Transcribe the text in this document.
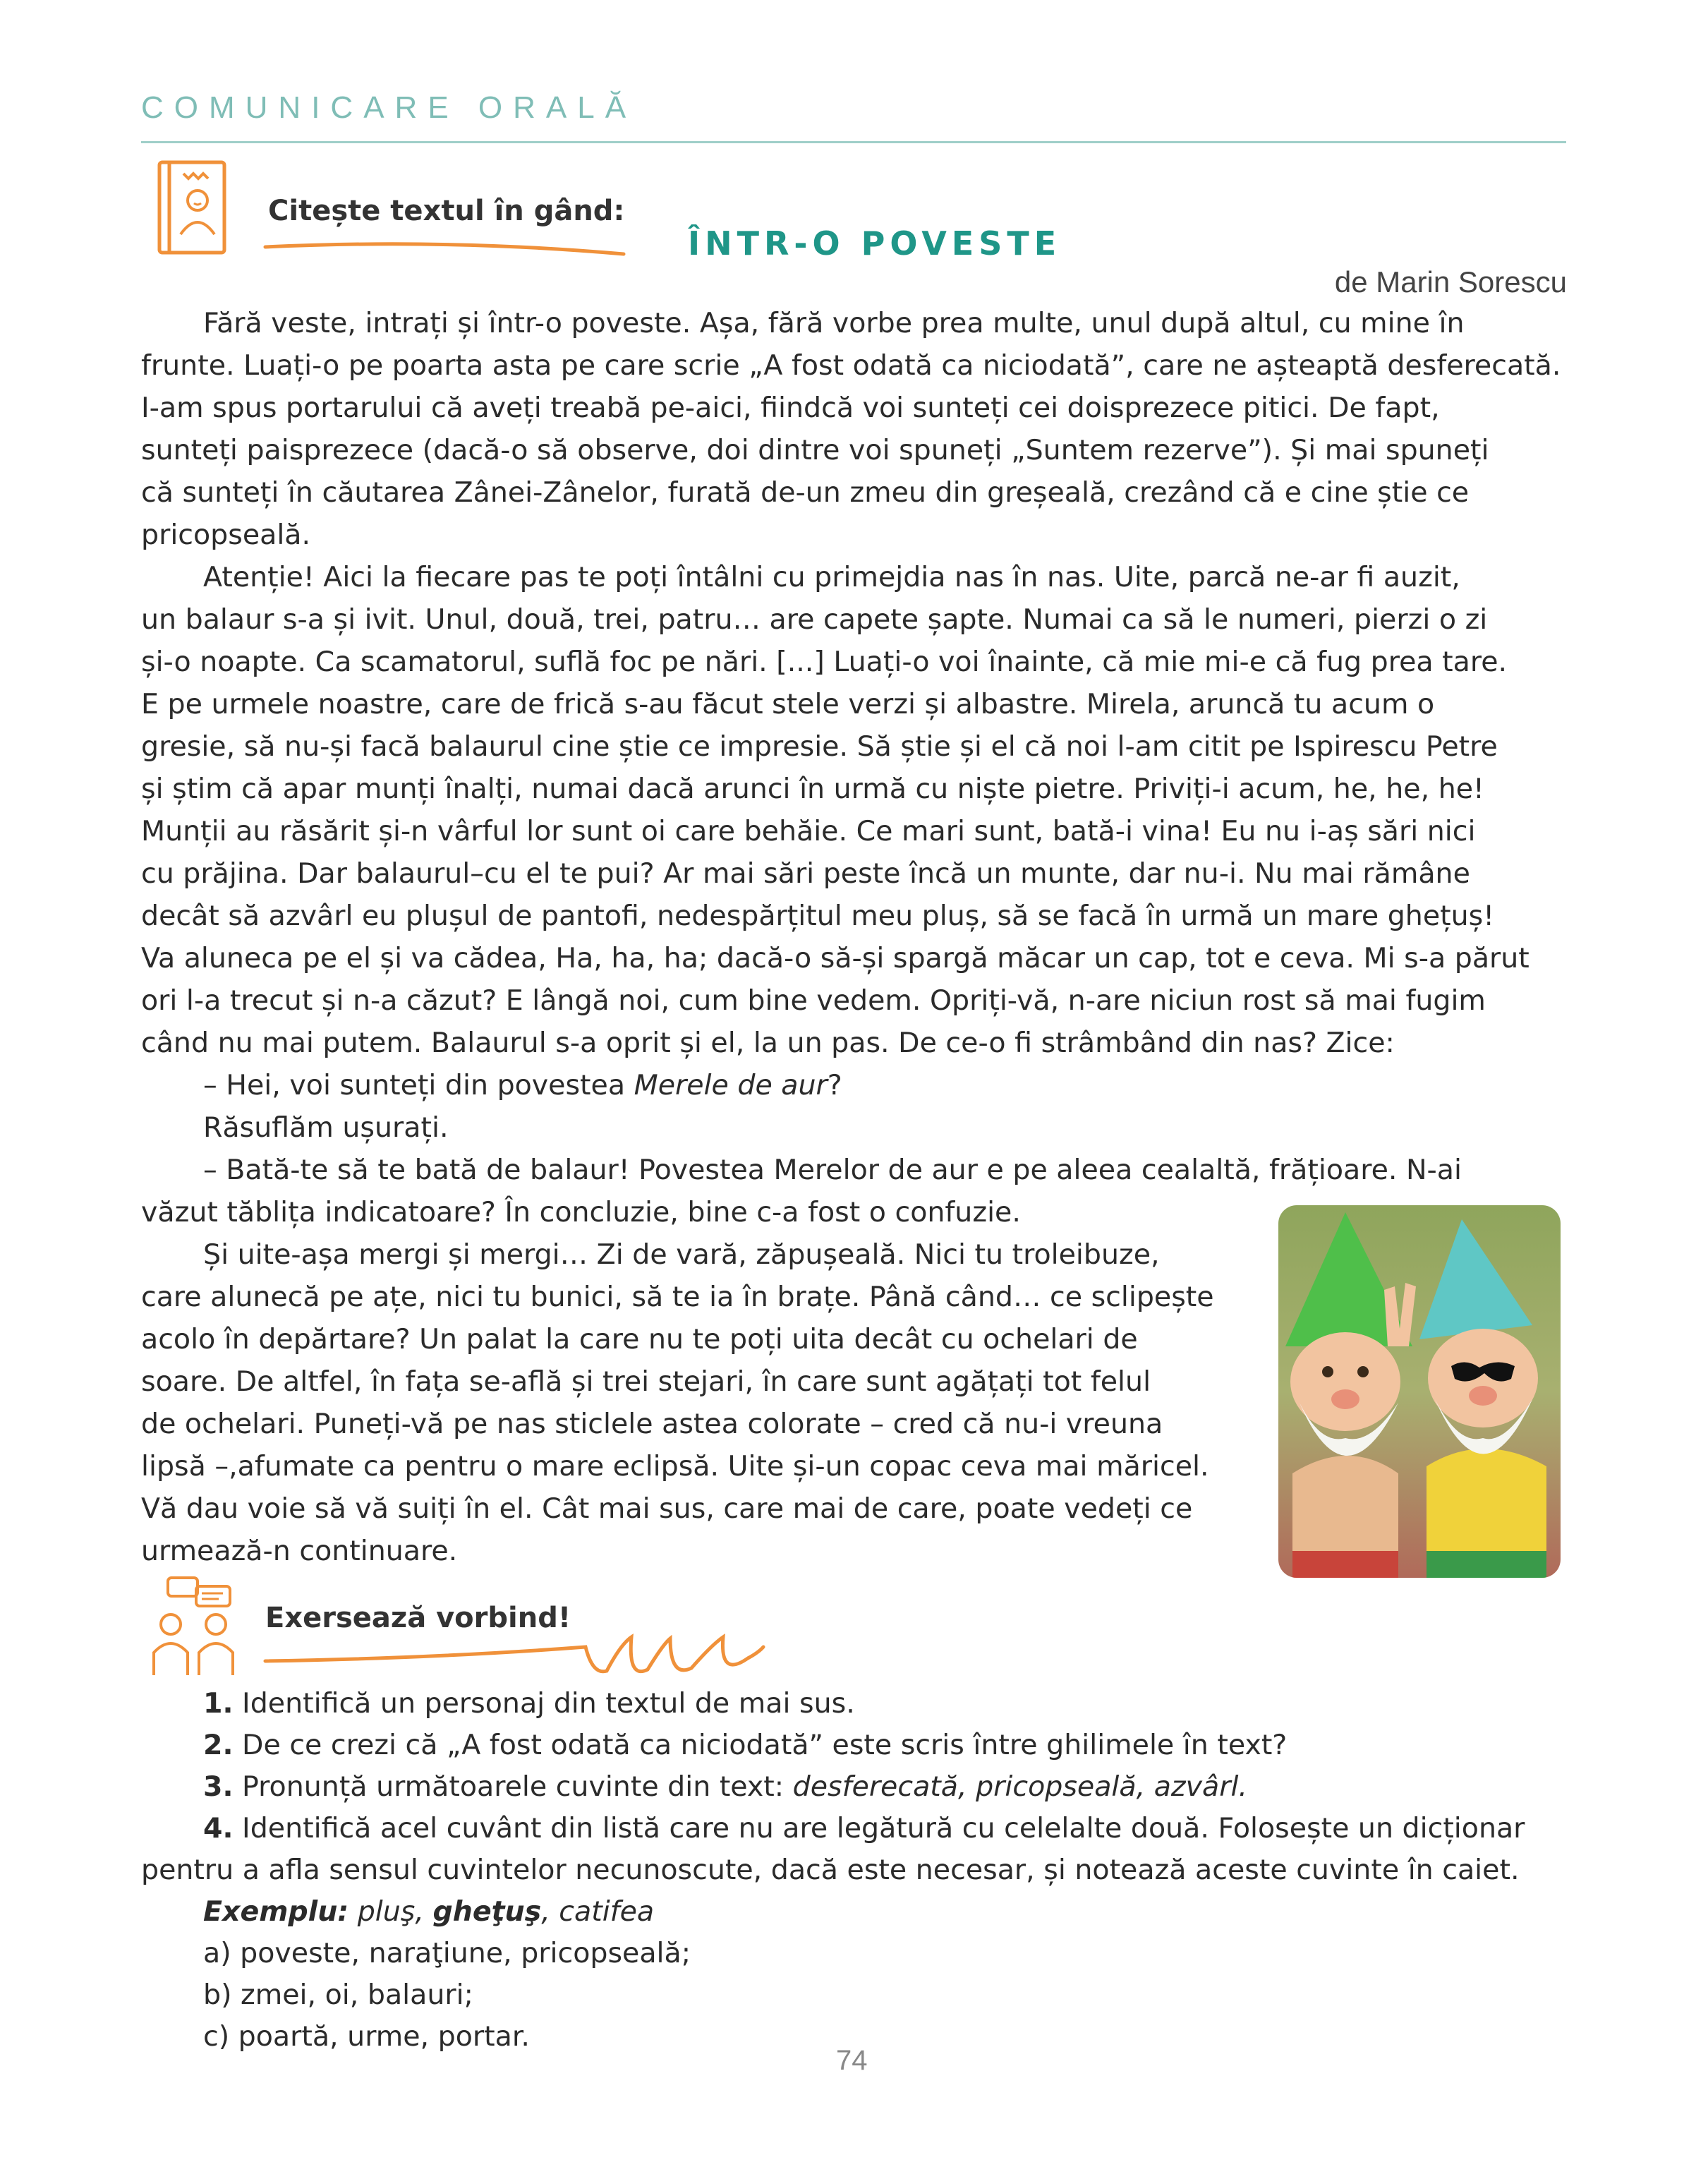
COMUNICARE ORALĂ
Citește textul în gând:
ÎNTR-O POVESTE
de Marin Sorescu
Fără veste, intrați și într-o poveste. Așa, fără vorbe prea multe, unul după altul, cu mine în
frunte. Luați-o pe poarta asta pe care scrie „A fost odată ca niciodată”, care ne așteaptă desferecată.
I-am spus portarului că aveți treabă pe-aici, fiindcă voi sunteți cei doisprezece pitici. De fapt,
sunteți paisprezece (dacă-o să observe, doi dintre voi spuneți „Suntem rezerve”). Și mai spuneți
că sunteți în căutarea Zânei-Zânelor, furată de-un zmeu din greșeală, crezând că e cine știe ce
pricopseală.
Atenție! Aici la fiecare pas te poți întâlni cu primejdia nas în nas. Uite, parcă ne-ar fi auzit,
un balaur s-a și ivit. Unul, două, trei, patru… are capete șapte. Numai ca să le numeri, pierzi o zi
și-o noapte. Ca scamatorul, suflă foc pe nări. [...] Luați-o voi înainte, că mie mi-e că fug prea tare.
E pe urmele noastre, care de frică s-au făcut stele verzi și albastre. Mirela, aruncă tu acum o
gresie, să nu-și facă balaurul cine știe ce impresie. Să știe și el că noi l-am citit pe Ispirescu Petre
și știm că apar munți înalți, numai dacă arunci în urmă cu niște pietre. Priviți-i acum, he, he, he!
Munții au răsărit și-n vârful lor sunt oi care behăie. Ce mari sunt, bată-i vina! Eu nu i-aș sări nici
cu prăjina. Dar balaurul–cu el te pui? Ar mai sări peste încă un munte, dar nu-i. Nu mai rămâne
decât să azvârl eu plușul de pantofi, nedespărțitul meu pluș, să se facă în urmă un mare ghețuș!
Va aluneca pe el și va cădea, Ha, ha, ha; dacă-o să-și spargă măcar un cap, tot e ceva. Mi s-a părut
ori l-a trecut și n-a căzut? E lângă noi, cum bine vedem. Opriți-vă, n-are niciun rost să mai fugim
când nu mai putem. Balaurul s-a oprit și el, la un pas. De ce-o fi strâmbând din nas? Zice:
– Hei, voi sunteți din povestea Merele de aur?
Răsuflăm ușurați.
– Bată-te să te bată de balaur! Povestea Merelor de aur e pe aleea cealaltă, frățioare. N-ai
văzut tăblița indicatoare? În concluzie, bine c-a fost o confuzie.
Și uite-așa mergi și mergi… Zi de vară, zăpușeală. Nici tu troleibuze,
care alunecă pe ațe, nici tu bunici, să te ia în brațe. Până când… ce sclipește
acolo în depărtare? Un palat la care nu te poți uita decât cu ochelari de
soare. De altfel, în fața se-află și trei stejari, în care sunt agățați tot felul
de ochelari. Puneți-vă pe nas sticlele astea colorate – cred că nu-i vreuna
lipsă –,afumate ca pentru o mare eclipsă. Uite și-un copac ceva mai măricel.
Vă dau voie să vă suiți în el. Cât mai sus, care mai de care, poate vedeți ce
urmează-n continuare.
Exersează vorbind!
1. Identifică un personaj din textul de mai sus.
2. De ce crezi că „A fost odată ca niciodată” este scris între ghilimele în text?
3. Pronunță următoarele cuvinte din text: desferecată, pricopseală, azvârl.
4. Identifică acel cuvânt din listă care nu are legătură cu celelalte două. Folosește un dicționar
pentru a afla sensul cuvintelor necunoscute, dacă este necesar, și notează aceste cuvinte în caiet.
Exemplu: pluş, gheţuş, catifea
a) poveste, naraţiune, pricopseală;
b) zmei, oi, balauri;
c) poartă, urme, portar.
74
